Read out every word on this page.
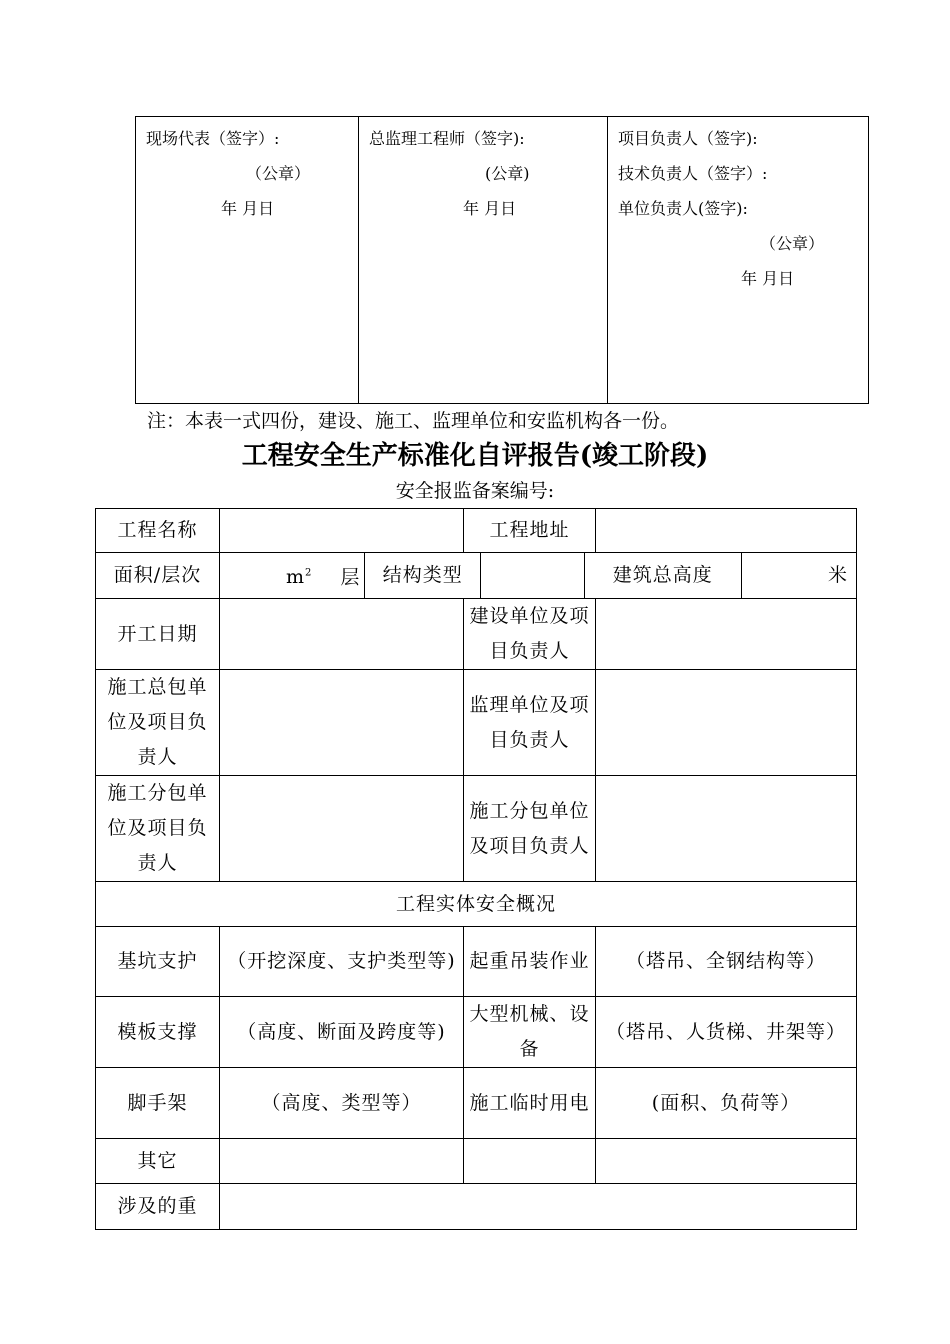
现场代表（签字）:
（公章）
年 月日

总监理工程师（签字):
(公章)
年 月日

项目负责人（签字):
技术负责人（签字）:
单位负责人(签字):
（公章）
年 月日
注：本表一式四份，建设、施工、监理单位和安监机构各一份。
工程安全生产标准化自评报告(竣工阶段)
安全报监备案编号:
工程名称		工程地址	
面积/层次		$m^2$ 层	结构类型		建筑总高度	米

开工日期		建设单位及项目负责人	
施工总包单位及项目负责人		监理单位及项目负责人	
施工分包单位及项目负责人		施工分包单位及项目负责人	
工程实体安全概况
基坑支护	（开挖深度、支护类型等)	起重吊装作业	（塔吊、全钢结构等）
模板支撑	（高度、断面及跨度等)	大型机械、设备	（塔吊、人货梯、井架等）
脚手架	（高度、类型等）	施工临时用电	(面积、负荷等）
其它			
涉及的重	
